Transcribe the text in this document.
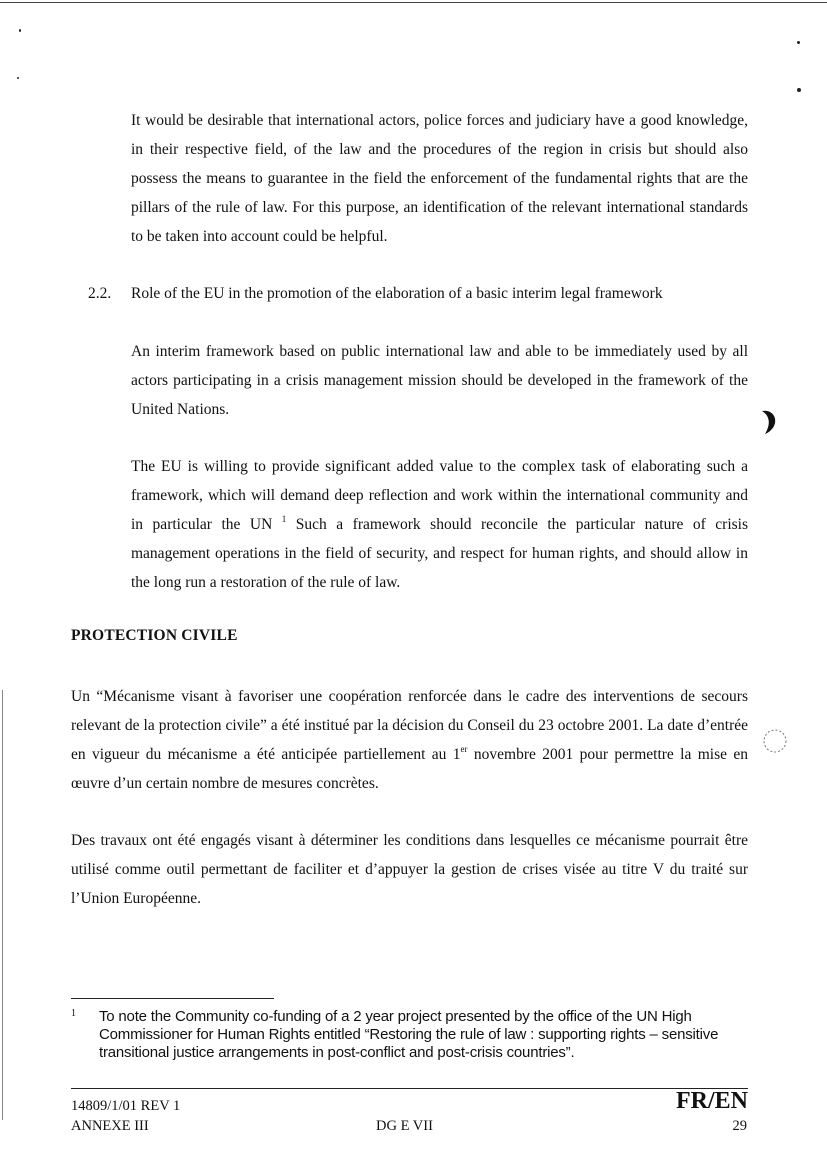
It would be desirable that international actors, police forces and judiciary have a good knowledge, in their respective field, of the law and the procedures of the region in crisis but should also possess the means to guarantee in the field the enforcement of the fundamental rights that are the pillars of the rule of law. For this purpose, an identification of the relevant international standards to be taken into account could be helpful.

2.2. Role of the EU in the promotion of the elaboration of a basic interim legal framework

An interim framework based on public international law and able to be immediately used by all actors participating in a crisis management mission should be developed in the framework of the United Nations.

The EU is willing to provide significant added value to the complex task of elaborating such a framework, which will demand deep reflection and work within the international community and in particular the UN $^1$ Such a framework should reconcile the particular nature of crisis management operations in the field of security, and respect for human rights, and should allow in the long run a restoration of the rule of law.

PROTECTION CIVILE

Un “Mécanisme visant à favoriser une coopération renforcée dans le cadre des interventions de secours relevant de la protection civile” a été institué par la décision du Conseil du 23 octobre 2001. La date d’entrée en vigueur du mécanisme a été anticipée partiellement au 1er novembre 2001 pour permettre la mise en œuvre d’un certain nombre de mesures concrètes.

Des travaux ont été engagés visant à déterminer les conditions dans lesquelles ce mécanisme pourrait être utilisé comme outil permettant de faciliter et d’appuyer la gestion de crises visée au titre V du traité sur l’Union Européenne.

1 To note the Community co-funding of a 2 year project presented by the office of the UN High Commissioner for Human Rights entitled “Restoring the rule of law : supporting rights – sensitive transitional justice arrangements in post-conflict and post-crisis countries”.

14809/1/01 REV 1
ANNEXE III	DG E VII
FR/EN
29
